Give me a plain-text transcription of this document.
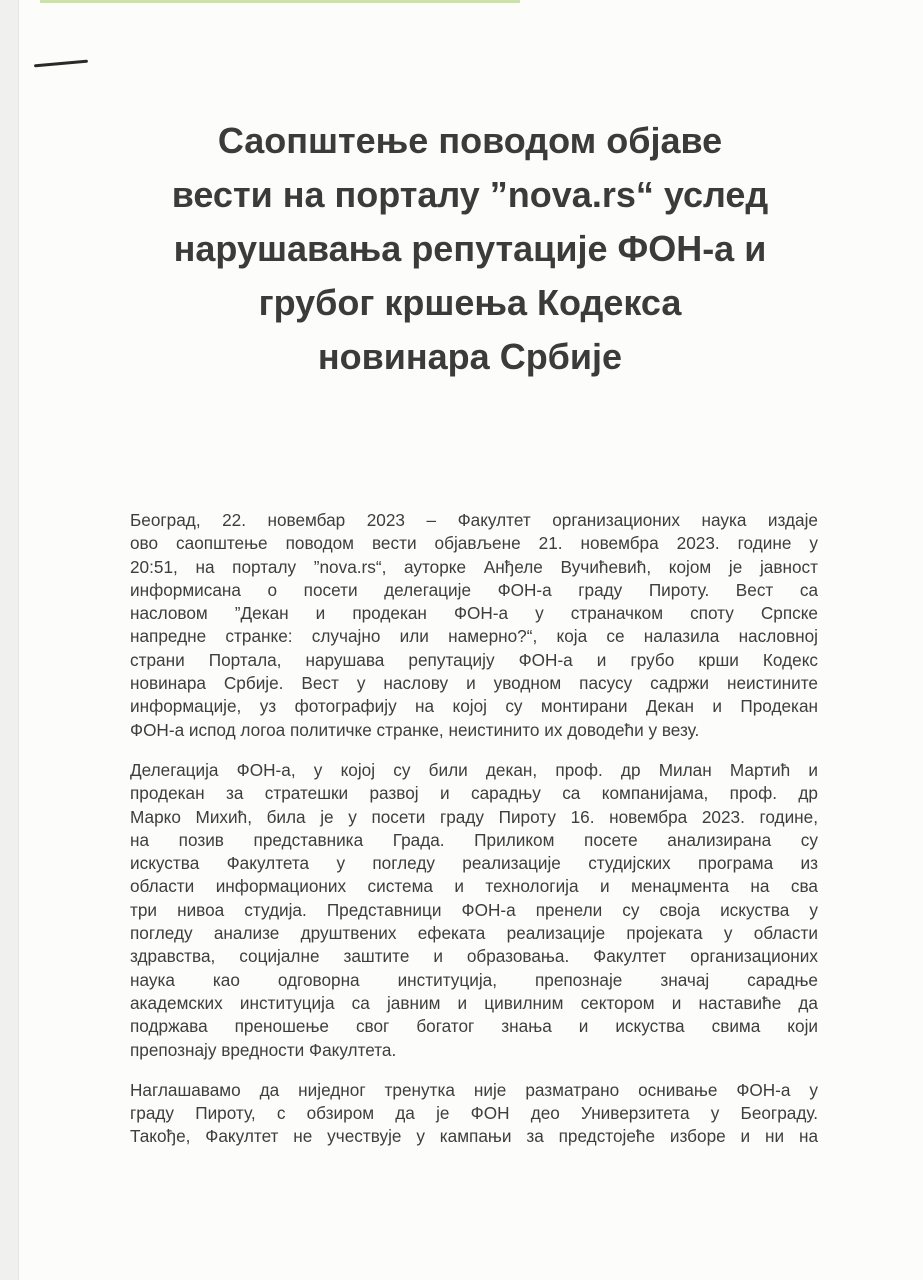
Саопштење поводом објаве
вести на порталу ”nova.rs“ услед
нарушавања репутације ФОН-а и
грубог кршења Кодекса
новинара Србије
Београд, 22. новембар 2023 – Факултет организационих наука издаје
ово саопштење поводом вести објављене 21. новембра 2023. године у
20:51, на порталу ”nova.rs“, ауторке Анђеле Вучићевић, којом је јавност
информисана о посети делегације ФОН-а граду Пироту. Вест са
насловом ”Декан и продекан ФОН-а у страначком споту Српске
напредне странке: случајно или намерно?“, која се налазила насловној
страни Портала, нарушава репутацију ФОН-а и грубо крши Кодекс
новинара Србије. Вест у наслову и уводном пасусу садржи неистините
информације, уз фотографију на којој су монтирани Декан и Продекан
ФОН-а испод логоа политичке странке, неистинито их доводећи у везу.
Делегација ФОН-а, у којој су били декан, проф. др Милан Мартић и
продекан за стратешки развој и сарадњу са компанијама, проф. др
Марко Михић, била је у посети граду Пироту 16. новембра 2023. године,
на позив представника Града. Приликом посете анализирана су
искуства Факултета у погледу реализације студијских програма из
области информационих система и технологија и менаџмента на сва
три нивоа студија. Представници ФОН-а пренели су своја искуства у
погледу анализе друштвених ефеката реализације пројеката у области
здравства, социјалне заштите и образовања. Факултет организационих
наука као одговорна институција, препознаје значај сарадње
академских институција са јавним и цивилним сектором и наставиће да
подржава преношење свог богатог знања и искуства свима који
препознају вредности Факултета.
Наглашавамо да ниједног тренутка није разматрано оснивање ФОН-а у
граду Пироту, с обзиром да је ФОН део Универзитета у Београду.
Такође, Факултет не учествује у кампањи за предстојеће изборе и ни на
